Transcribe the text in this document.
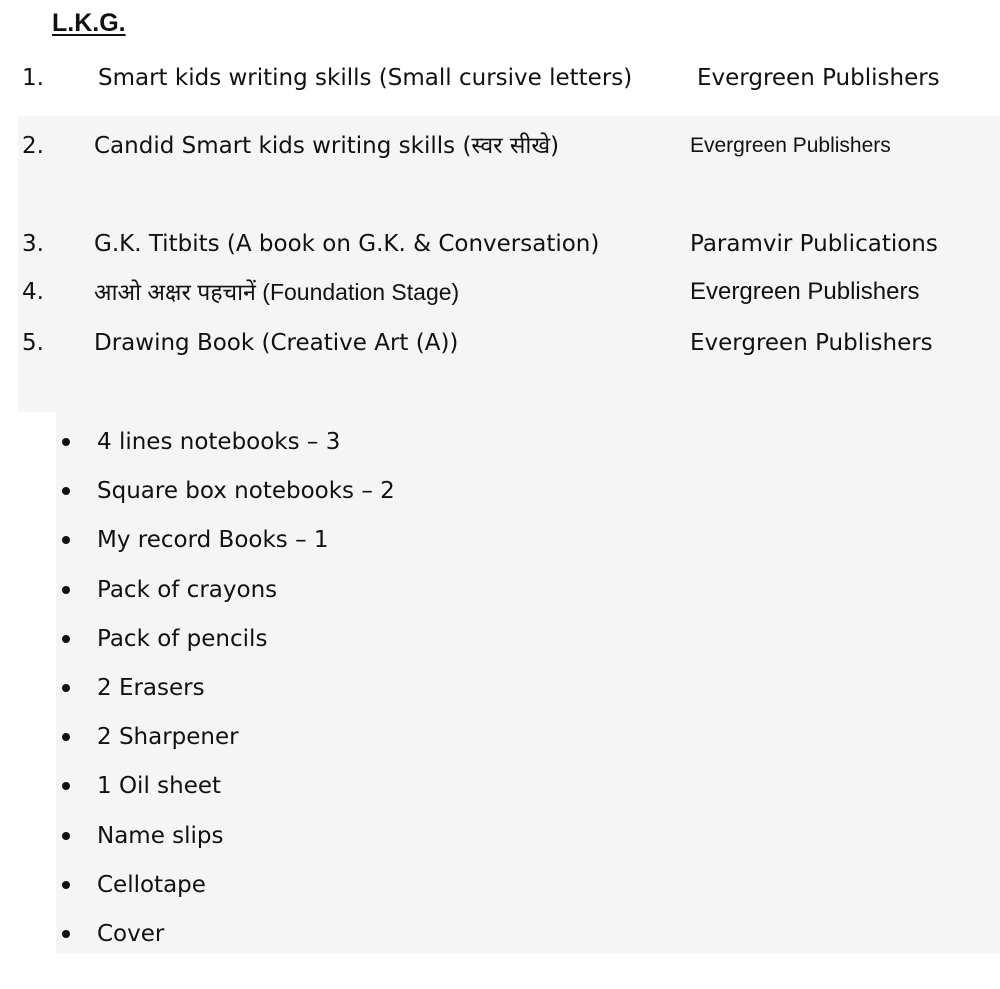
L.K.G.
1. Smart kids writing skills (Small cursive letters)	Evergreen Publishers
2. Candid Smart kids writing skills (स्वर सीखे)	Evergreen Publishers
3. G.K. Titbits (A book on G.K. & Conversation)	Paramvir Publications
4. आओ अक्षर पहचानें (Foundation Stage)	Evergreen Publishers
5. Drawing Book (Creative Art (A))	Evergreen Publishers
4 lines notebooks – 3
Square box notebooks – 2
My record Books – 1
Pack of crayons
Pack of pencils
2 Erasers
2 Sharpener
1 Oil sheet
Name slips
Cellotape
Cover
